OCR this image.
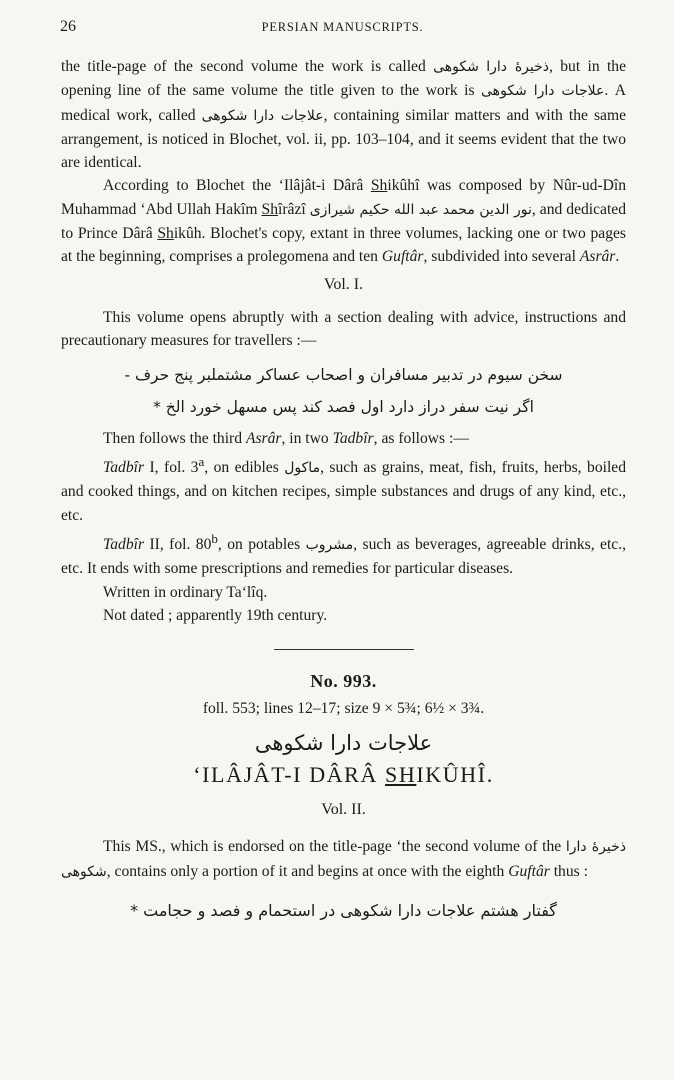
26	PERSIAN MANUSCRIPTS.

the title-page of the second volume the work is called	ذخیرۀ دارا شکوهی	, but in the opening line of the same volume the title given to the work is علاجات دارا شکوهی. A medical work, called	علاجات دارا شکوهی	, containing similar matters and with the same arrangement, is noticed in Blochet, vol. ii, pp. 103–104, and it seems evident that the two are identical.

According to Blochet the ‘Ilâjât-i Dârâ Shikûhî was composed by Nûr-ud-Dîn Muhammad ‘Abd Ullah Hakîm Shîrâzî	نور الدین محمد عبد الله حکیم شیرازی	, and dedicated to Prince Dârâ Shikûh. Blochet's copy, extant in three volumes, lacking one or two pages at the beginning, comprises a prolegomena and ten Guftâr, subdivided into several Asrâr.

Vol. I.

This volume opens abruptly with a section dealing with advice, instructions and precautionary measures for travellers :—

سخن سیوم در تدبیر مسافران و اصحاب عساکر مشتملبر پنج حرف -
اگر نیت سفر دراز دارد اول فصد کند پس مسهل خورد الخ *

Then follows the third Asrâr, in two Tadbîr, as follows :—

Tadbîr I, fol. 3$^a$, on edibles ماکول, such as grains, meat, fish, fruits, herbs, boiled and cooked things, and on kitchen recipes, simple substances and drugs of any kind, etc., etc.

Tadbîr II, fol. 80$^b$, on potables مشروب, such as beverages, agreeable drinks, etc., etc. It ends with some prescriptions and remedies for particular diseases.

Written in ordinary Ta‘lîq.

Not dated ; apparently 19th century.

No. 993.
foll. 553; lines 12–17; size 9 × 5¾; 6½ × 3¾.
علاجات دارا شکوهی
‘ILÂJÂT-I DÂRÂ SHIKÛHÎ.
Vol. II.

This MS., which is endorsed on the title-page ‘the second volume of the ذخیرۀ دارا شکوهی, contains only a portion of it and begins at once with the eighth Guftâr thus :

گفتار هشتم علاجات دارا شکوهی در استحمام و فصد و حجامت *
